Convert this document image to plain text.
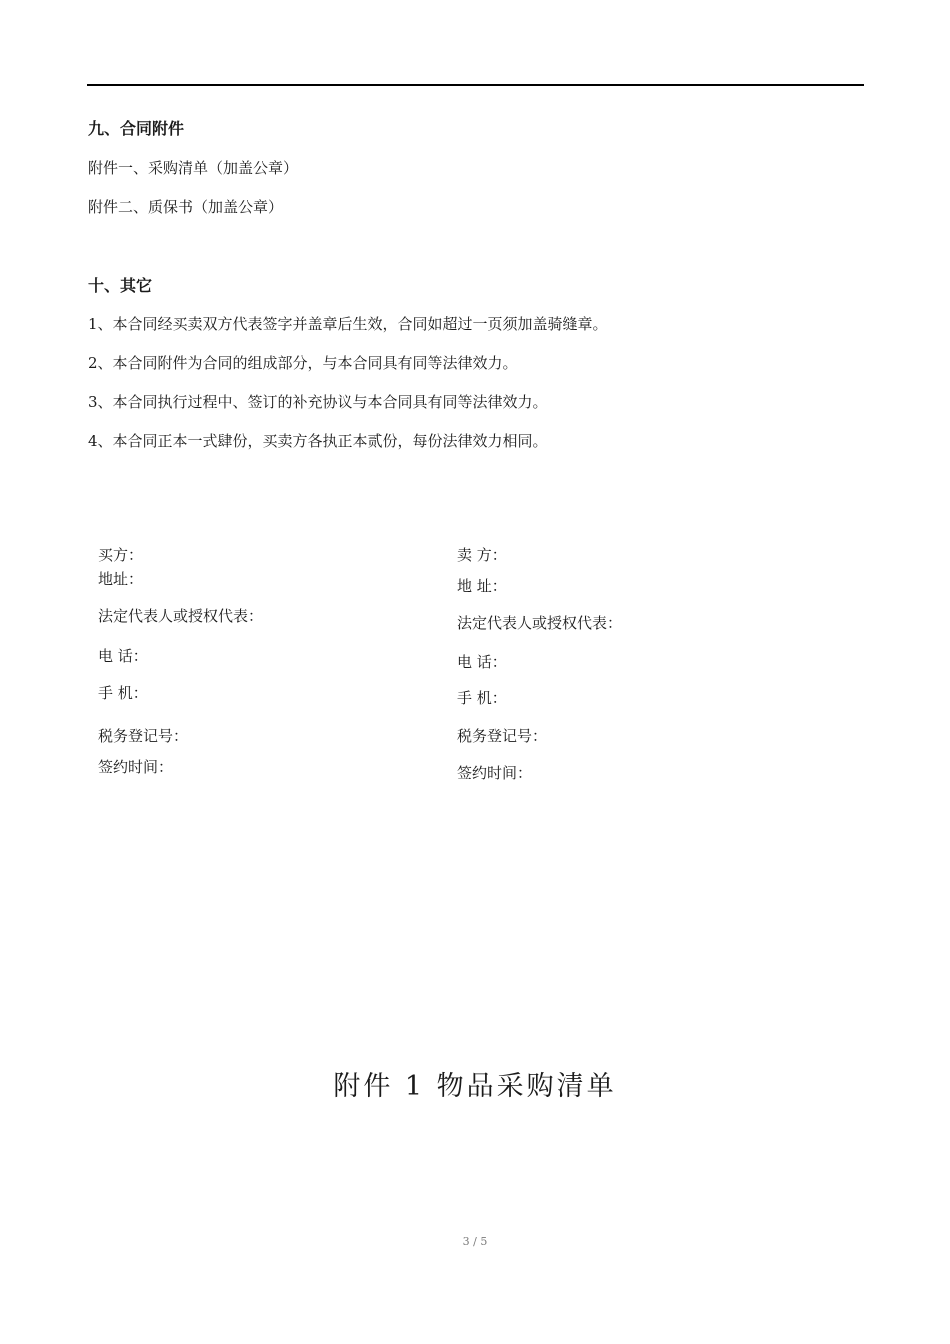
九、合同附件
附件一、采购清单（加盖公章）
附件二、质保书（加盖公章）
十、其它
1、本合同经买卖双方代表签字并盖章后生效，合同如超过一页须加盖骑缝章。
2、本合同附件为合同的组成部分，与本合同具有同等法律效力。
3、本合同执行过程中、签订的补充协议与本合同具有同等法律效力。
4、本合同正本一式肆份，买卖方各执正本贰份，每份法律效力相同。
买方：
地址：
法定代表人或授权代表：
电 话：
手 机：
税务登记号：
签约时间：
卖 方：
地 址：
法定代表人或授权代表：
电 话：
手 机：
税务登记号：
签约时间：
附件 1 物品采购清单
3 / 5
